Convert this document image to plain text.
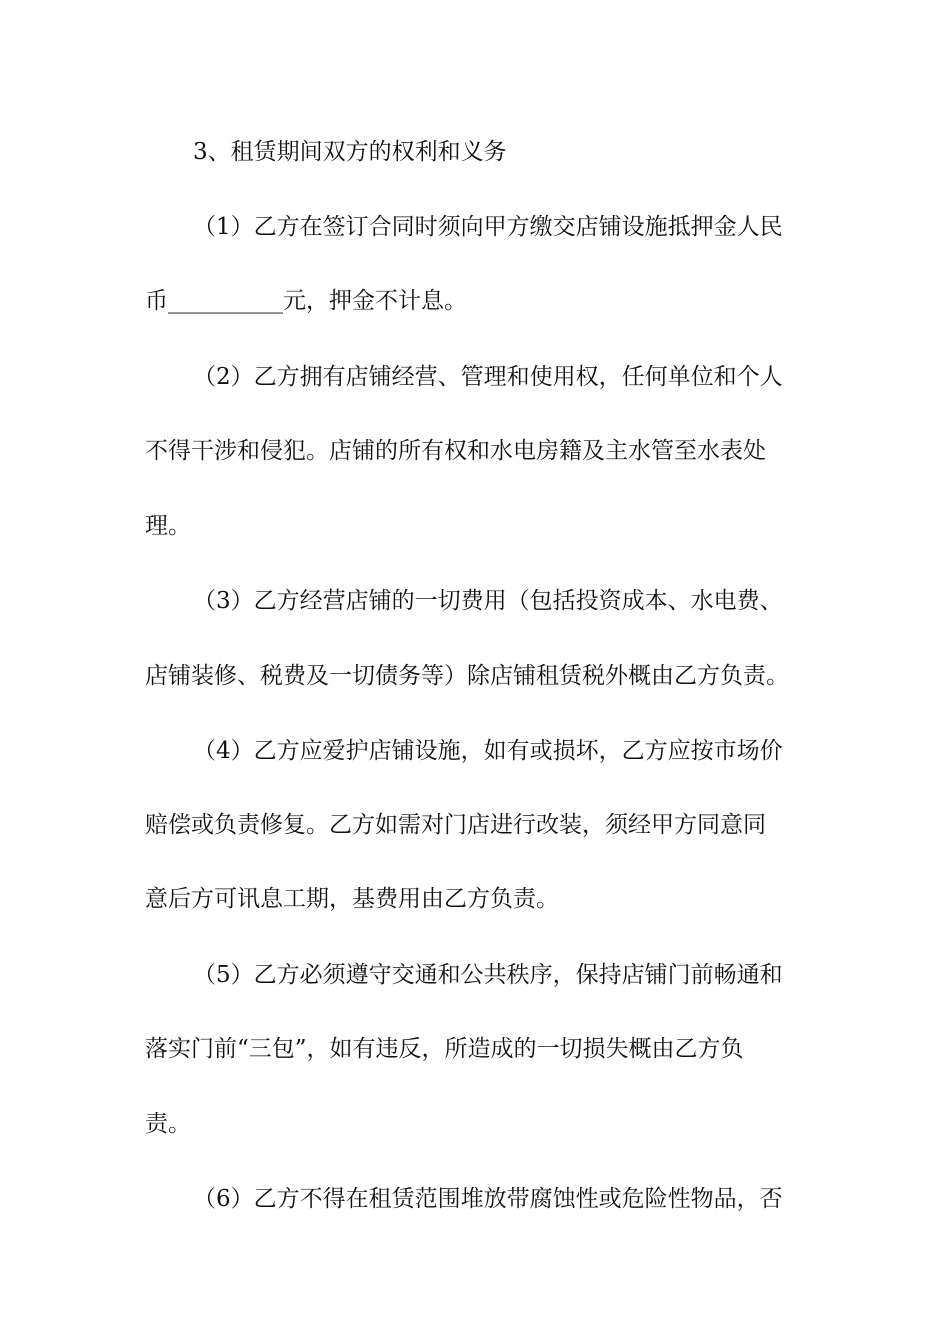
3、租赁期间双方的权利和义务
（1）乙方在签订合同时须向甲方缴交店铺设施抵押金人民
币__________元，押金不计息。
（2）乙方拥有店铺经营、管理和使用权，任何单位和个人
不得干涉和侵犯。店铺的所有权和水电房籍及主水管至水表处
理。
（3）乙方经营店铺的一切费用（包括投资成本、水电费、
店铺装修、税费及一切债务等）除店铺租赁税外概由乙方负责。
（4）乙方应爱护店铺设施，如有或损坏，乙方应按市场价
赔偿或负责修复。乙方如需对门店进行改装，须经甲方同意同
意后方可讯息工期，基费用由乙方负责。
（5）乙方必须遵守交通和公共秩序，保持店铺门前畅通和
落实门前“三包”，如有违反，所造成的一切损失概由乙方负
责。
（6）乙方不得在租赁范围堆放带腐蚀性或危险性物品，否
